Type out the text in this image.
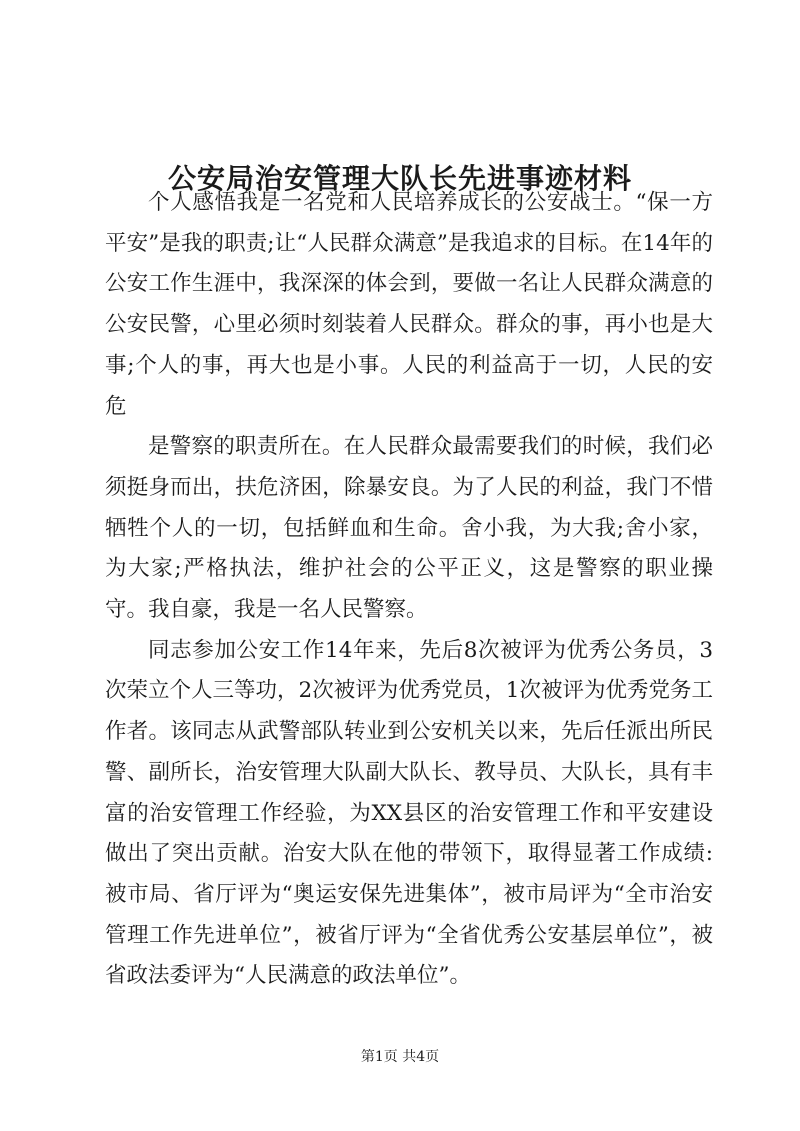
公安局治安管理大队长先进事迹材料

个人感悟我是一名党和人民培养成长的公安战士。“保一方平安”是我的职责;让“人民群众满意”是我追求的目标。在14年的公安工作生涯中，我深深的体会到，要做一名让人民群众满意的公安民警，心里必须时刻装着人民群众。群众的事，再小也是大事;个人的事，再大也是小事。人民的利益高于一切，人民的安危

是警察的职责所在。在人民群众最需要我们的时候，我们必须挺身而出，扶危济困，除暴安良。为了人民的利益，我门不惜牺牲个人的一切，包括鲜血和生命。舍小我，为大我;舍小家，为大家;严格执法，维护社会的公平正义，这是警察的职业操守。我自豪，我是一名人民警察。

同志参加公安工作14年来，先后8次被评为优秀公务员，3次荣立个人三等功，2次被评为优秀党员，1次被评为优秀党务工作者。该同志从武警部队转业到公安机关以来，先后任派出所民警、副所长，治安管理大队副大队长、教导员、大队长，具有丰富的治安管理工作经验，为XX县区的治安管理工作和平安建设做出了突出贡献。治安大队在他的带领下，取得显著工作成绩:被市局、省厅评为“奥运安保先进集体”，被市局评为“全市治安管理工作先进单位”，被省厅评为“全省优秀公安基层单位”，被省政法委评为“人民满意的政法单位”。

第1页 共4页
